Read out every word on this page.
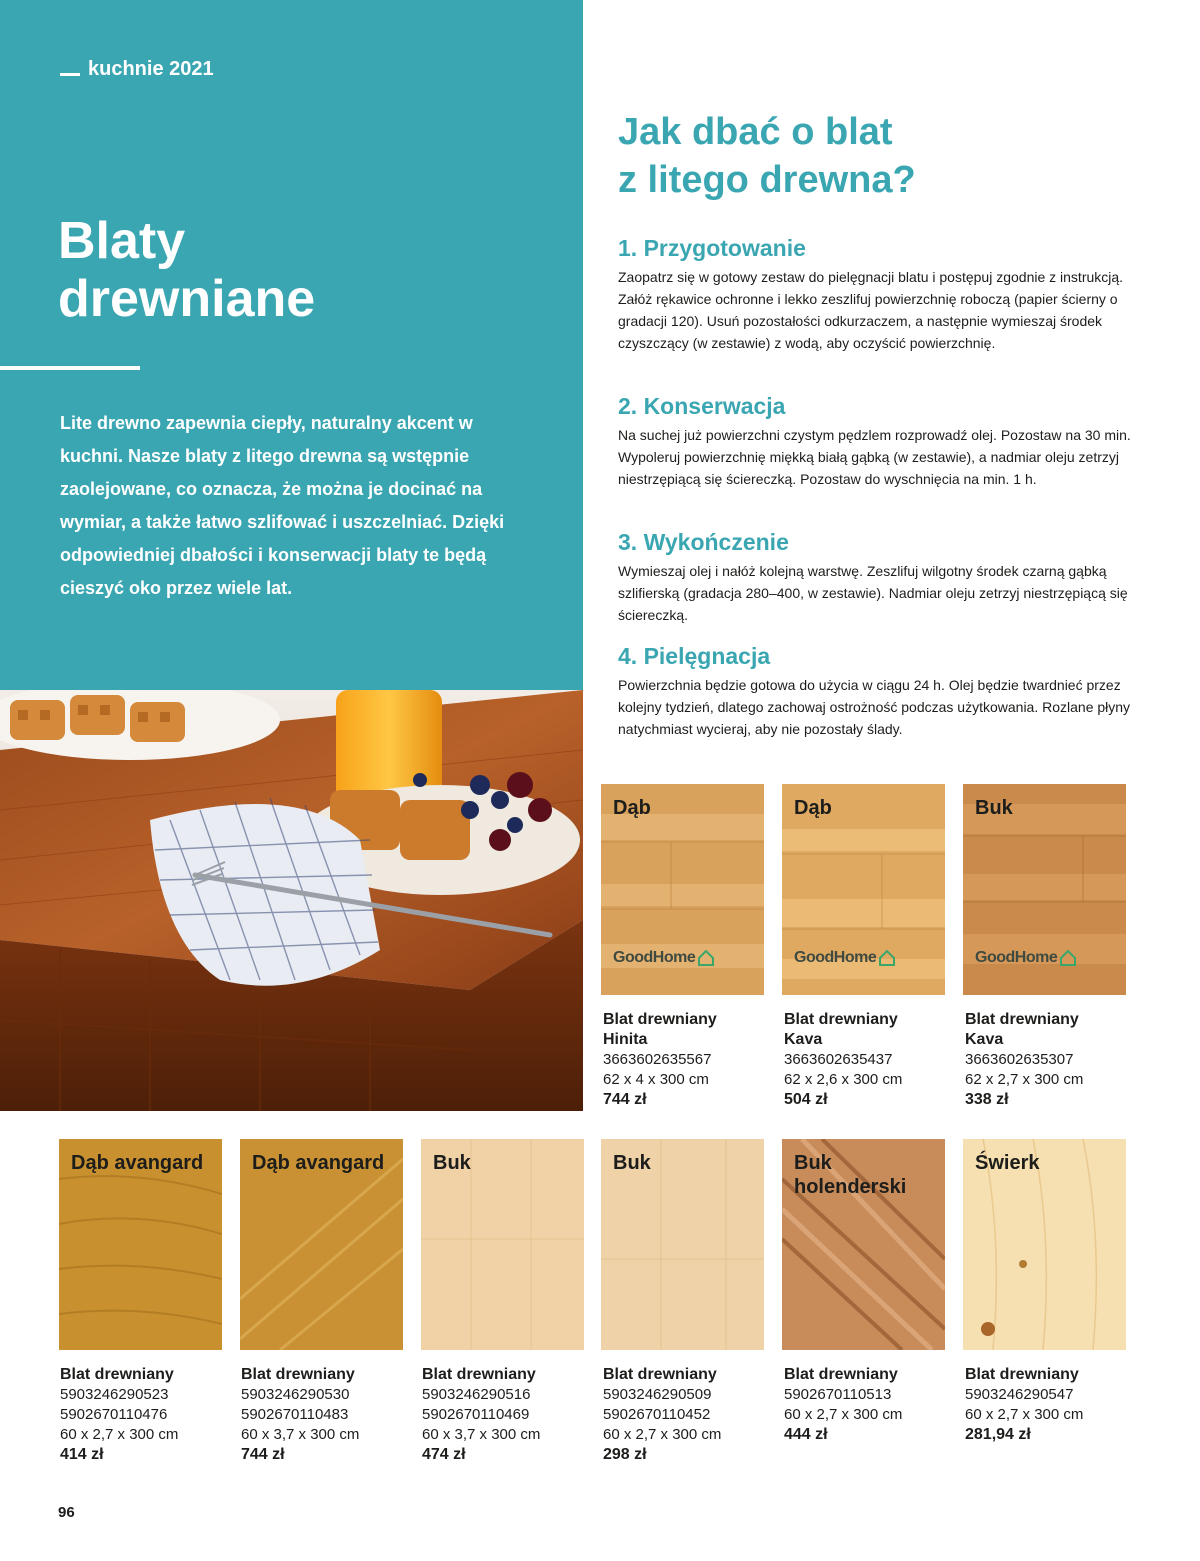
kuchnie 2021
Blaty
drewniane

Lite drewno zapewnia ciepły, naturalny akcent w kuchni. Nasze blaty z litego drewna są wstępnie zaolejowane, co oznacza, że można je docinać na wymiar, a także łatwo szlifować i uszczelniać. Dzięki odpowiedniej dbałości i konserwacji blaty te będą cieszyć oko przez wiele lat.

Jak dbać o blat
z litego drewna?
1. Przygotowanie

Zaopatrz się w gotowy zestaw do pielęgnacji blatu i postępuj zgodnie z instrukcją. Załóż rękawice ochronne i lekko zeszlifuj powierzchnię roboczą (papier ścierny o gradacji 120). Usuń pozostałości odkurzaczem, a następnie wymieszaj środek czyszczący (w zestawie) z wodą, aby oczyścić powierzchnię.

2. Konserwacja

Na suchej już powierzchni czystym pędzlem rozprowadź olej. Pozostaw na 30 min. Wypoleruj powierzchnię miękką białą gąbką (w zestawie), a nadmiar oleju zetrzyj niestrzępiącą się ściereczką. Pozostaw do wyschnięcia na min. 1 h.

3. Wykończenie

Wymieszaj olej i nałóż kolejną warstwę. Zeszlifuj wilgotny środek czarną gąbką szlifierską (gradacja 280–400, w zestawie). Nadmiar oleju zetrzyj niestrzępiącą się ściereczką.

4. Pielęgnacja

Powierzchnia będzie gotowa do użycia w ciągu 24 h. Olej będzie twardnieć przez kolejny tydzień, dlatego zachowaj ostrożność podczas użytkowania. Rozlane płyny natychmiast wycieraj, aby nie pozostały ślady.

Dąb
GoodHome
Dąb
GoodHome
Buk
GoodHome
Blat drewniany
Hinita
3663602635567
62 x 4 x 300 cm
744 zł
Blat drewniany
Kava
3663602635437
62 x 2,6 x 300 cm
504 zł
Blat drewniany
Kava
3663602635307
62 x 2,7 x 300 cm
338 zł
Dąb avangard	Dąb avangard	Buk	Buk	Buk holenderski
Świerk
Blat drewniany
5903246290523
5902670110476
60 x 2,7 x 300 cm
414 zł
Blat drewniany
5903246290530
5902670110483
60 x 3,7 x 300 cm
744 zł
Blat drewniany
5903246290516
5902670110469
60 x 3,7 x 300 cm
474 zł
Blat drewniany
5903246290509
5902670110452
60 x 2,7 x 300 cm
298 zł
Blat drewniany
5902670110513
60 x 2,7 x 300 cm
444 zł
Blat drewniany
5903246290547
60 x 2,7 x 300 cm
281,94 zł
96
